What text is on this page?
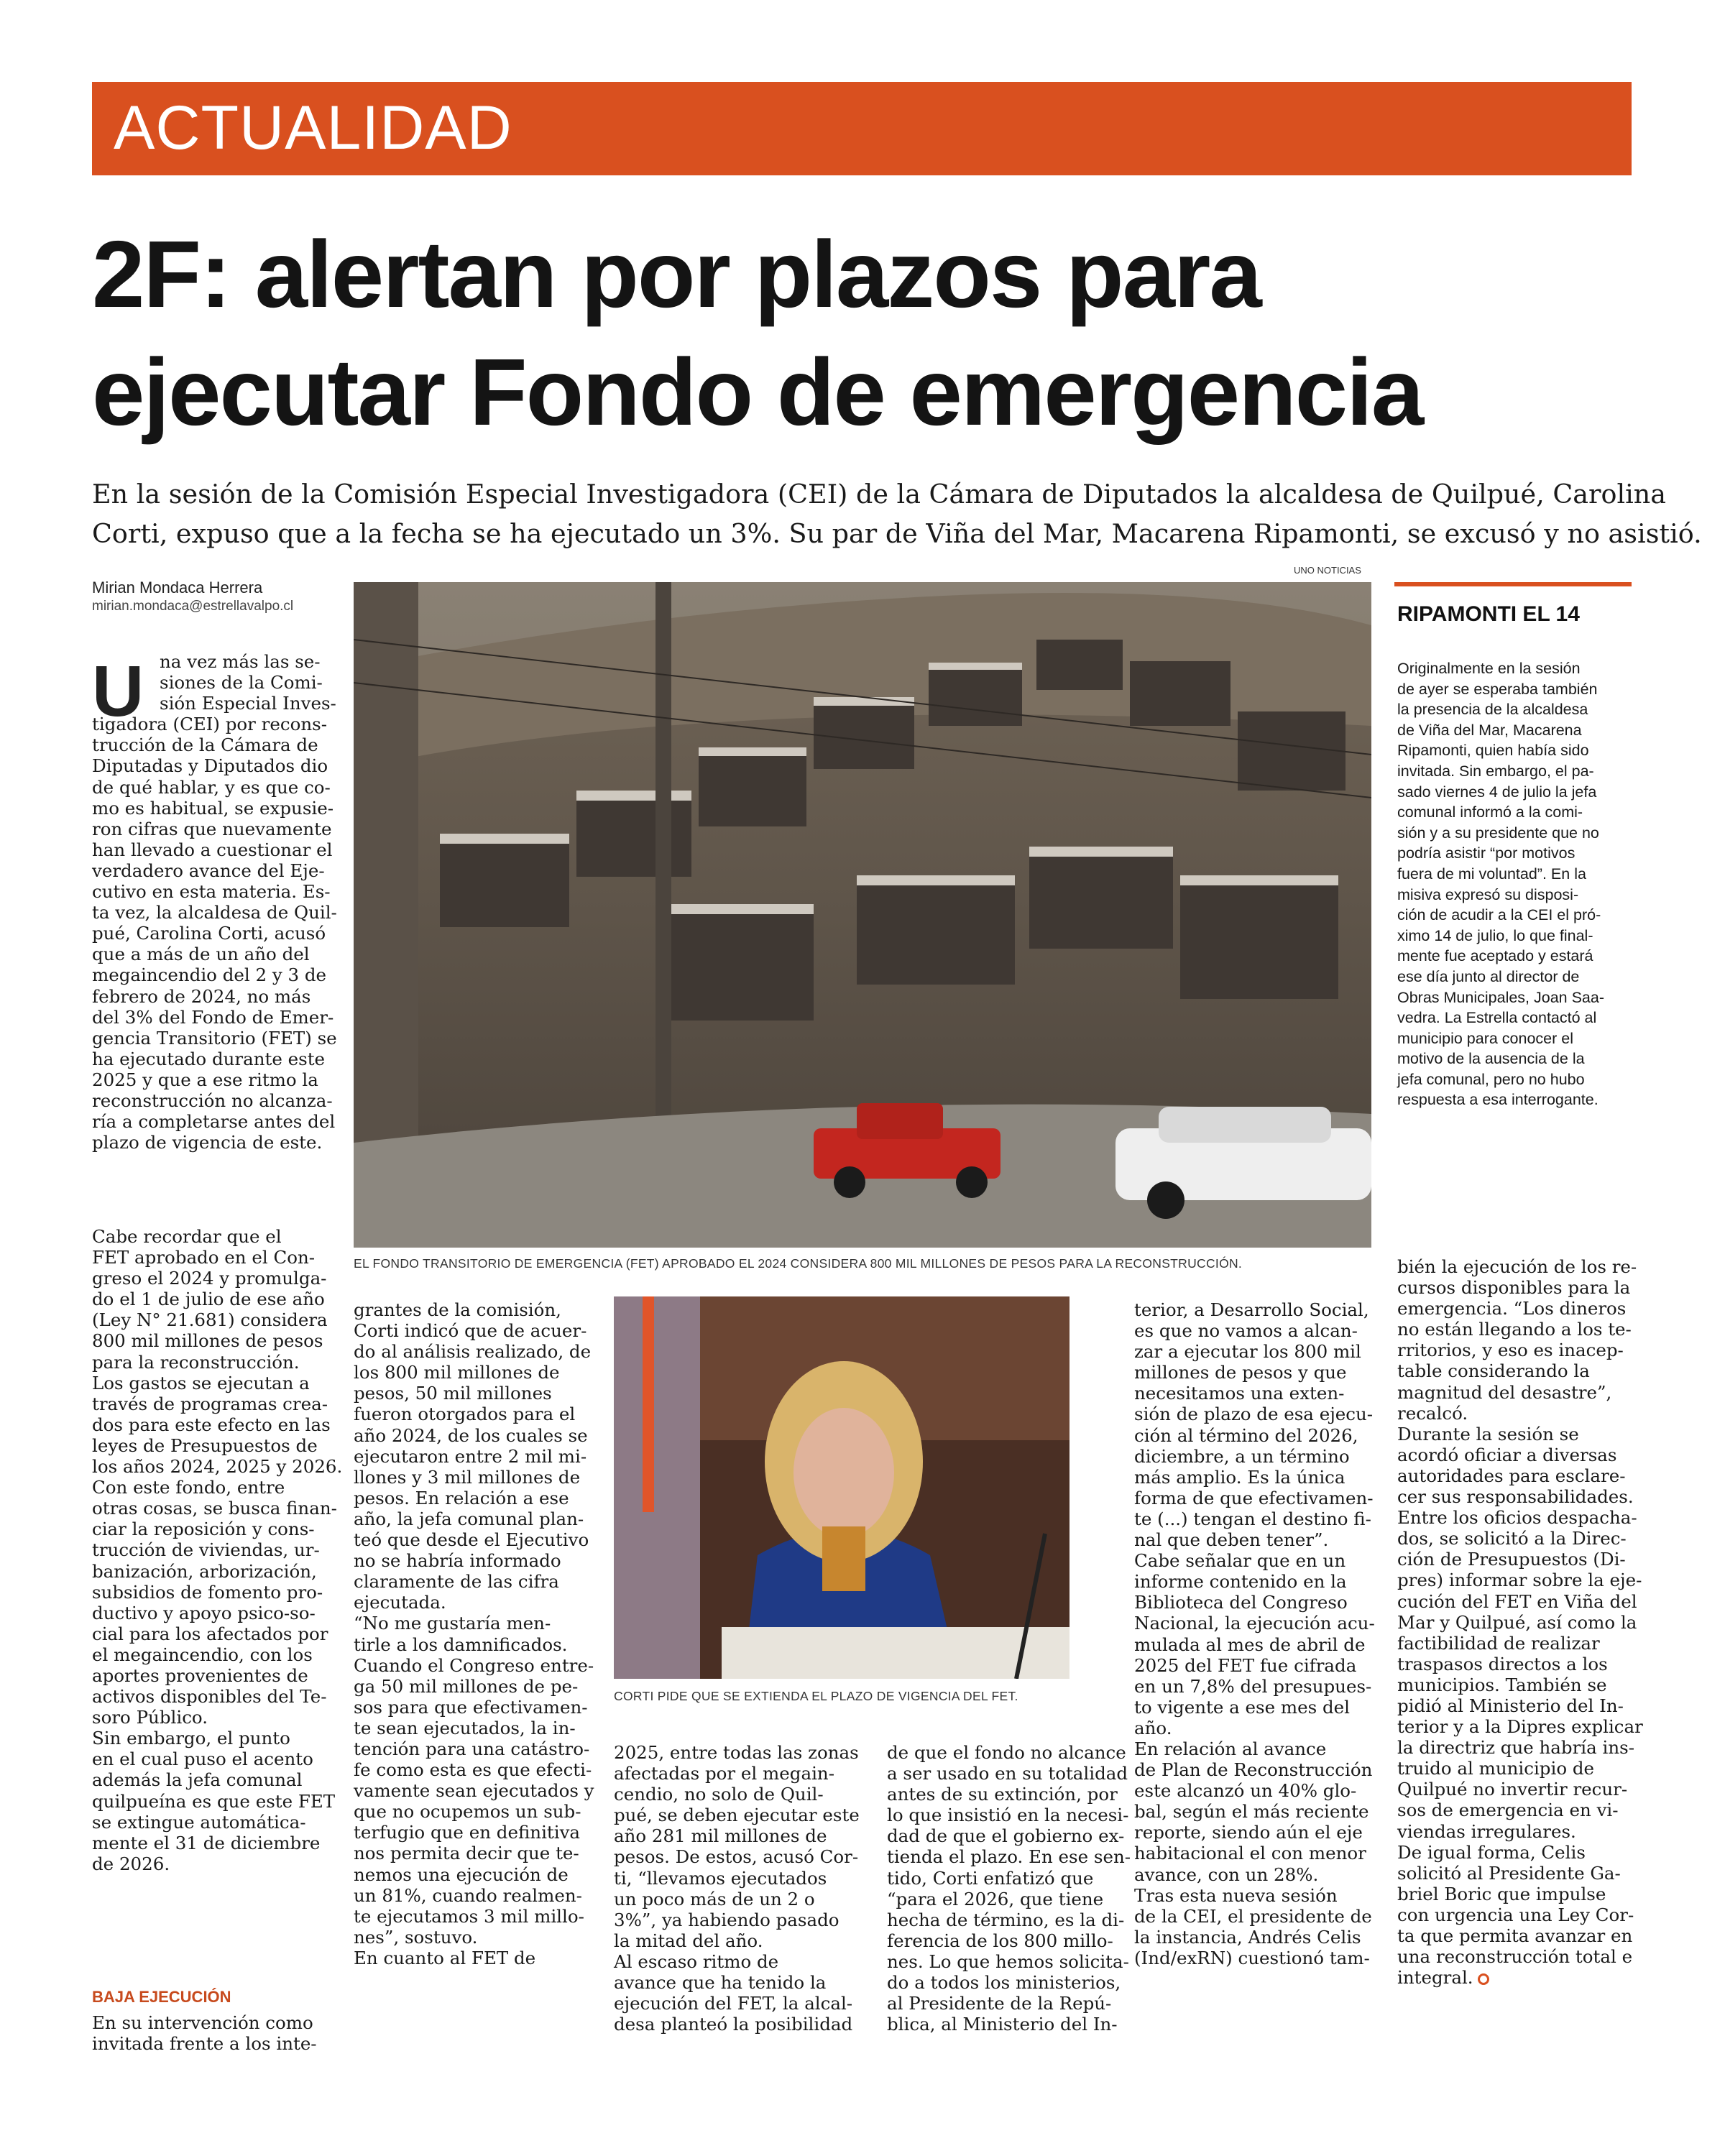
ACTUALIDAD
2F: alertan por plazos para
ejecutar Fondo de emergencia

En la sesión de la Comisión Especial Investigadora (CEI) de la Cámara de Diputados la alcaldesa de Quilpué, Carolina
Corti, expuso que a la fecha se ha ejecutado un 3%. Su par de Viña del Mar, Macarena Ripamonti, se excusó y no asistió.

Mirian Mondaca Herrera
mirian.mondaca@estrellavalpo.cl
UNO NOTICIAS
EL FONDO TRANSITORIO DE EMERGENCIA (FET) APROBADO EL 2024 CONSIDERA 800 MIL MILLONES DE PESOS PARA LA RECONSTRUCCIÓN.
CORTI PIDE QUE SE EXTIENDA EL PLAZO DE VIGENCIA DEL FET.
RIPAMONTI EL 14
Originalmente en la sesión
de ayer se esperaba también
la presencia de la alcaldesa
de Viña del Mar, Macarena
Ripamonti, quien había sido
invitada. Sin embargo, el pa-
sado viernes 4 de julio la jefa
comunal informó a la comi-
sión y a su presidente que no
podría asistir “por motivos
fuera de mi voluntad”. En la
misiva expresó su disposi-
ción de acudir a la CEI el pró-
ximo 14 de julio, lo que final-
mente fue aceptado y estará
ese día junto al director de
Obras Municipales, Joan Saa-
vedra. La Estrella contactó al
municipio para conocer el
motivo de la ausencia de la
jefa comunal, pero no hubo
respuesta a esa interrogante.
U na vez más las se-
siones de la Comi-
sión Especial Inves-
tigadora (CEI) por recons-
trucción de la Cámara de
Diputadas y Diputados dio
de qué hablar, y es que co-
mo es habitual, se expusie-
ron cifras que nuevamente
han llevado a cuestionar el
verdadero avance del Eje-
cutivo en esta materia. Es-
ta vez, la alcaldesa de Quil-
pué, Carolina Corti, acusó
que a más de un año del
megaincendio del 2 y 3 de
febrero de 2024, no más
del 3% del Fondo de Emer-
gencia Transitorio (FET) se
ha ejecutado durante este
2025 y que a ese ritmo la
reconstrucción no alcanza-
ría a completarse antes del
plazo de vigencia de este.
Cabe recordar que el
FET aprobado en el Con-
greso el 2024 y promulga-
do el 1 de julio de ese año
(Ley N° 21.681) considera
800 mil millones de pesos
para la reconstrucción.
Los gastos se ejecutan a
través de programas crea-
dos para este efecto en las
leyes de Presupuestos de
los años 2024, 2025 y 2026.
Con este fondo, entre
otras cosas, se busca finan-
ciar la reposición y cons-
trucción de viviendas, ur-
banización, arborización,
subsidios de fomento pro-
ductivo y apoyo psico-so-
cial para los afectados por
el megaincendio, con los
aportes provenientes de
activos disponibles del Te-
soro Público.
Sin embargo, el punto
en el cual puso el acento
además la jefa comunal
quilpueína es que este FET
se extingue automática-
mente el 31 de diciembre
de 2026.
BAJA EJECUCIÓN
En su intervención como
invitada frente a los inte-
grantes de la comisión,
Corti indicó que de acuer-
do al análisis realizado, de
los 800 mil millones de
pesos, 50 mil millones
fueron otorgados para el
año 2024, de los cuales se
ejecutaron entre 2 mil mi-
llones y 3 mil millones de
pesos. En relación a ese
año, la jefa comunal plan-
teó que desde el Ejecutivo
no se habría informado
claramente de las cifra
ejecutada.
“No me gustaría men-
tirle a los damnificados.
Cuando el Congreso entre-
ga 50 mil millones de pe-
sos para que efectivamen-
te sean ejecutados, la in-
tención para una catástro-
fe como esta es que efecti-
vamente sean ejecutados y
que no ocupemos un sub-
terfugio que en definitiva
nos permita decir que te-
nemos una ejecución de
un 81%, cuando realmen-
te ejecutamos 3 mil millo-
nes”, sostuvo.
En cuanto al FET de
2025, entre todas las zonas
afectadas por el megain-
cendio, no solo de Quil-
pué, se deben ejecutar este
año 281 mil millones de
pesos. De estos, acusó Cor-
ti, “llevamos ejecutados
un poco más de un 2 o
3%”, ya habiendo pasado
la mitad del año.
Al escaso ritmo de
avance que ha tenido la
ejecución del FET, la alcal-
desa planteó la posibilidad
de que el fondo no alcance
a ser usado en su totalidad
antes de su extinción, por
lo que insistió en la necesi-
dad de que el gobierno ex-
tienda el plazo. En ese sen-
tido, Corti enfatizó que
“para el 2026, que tiene
hecha de término, es la di-
ferencia de los 800 millo-
nes. Lo que hemos solicita-
do a todos los ministerios,
al Presidente de la Repú-
blica, al Ministerio del In-
terior, a Desarrollo Social,
es que no vamos a alcan-
zar a ejecutar los 800 mil
millones de pesos y que
necesitamos una exten-
sión de plazo de esa ejecu-
ción al término del 2026,
diciembre, a un término
más amplio. Es la única
forma de que efectivamen-
te (...) tengan el destino fi-
nal que deben tener”.
Cabe señalar que en un
informe contenido en la
Biblioteca del Congreso
Nacional, la ejecución acu-
mulada al mes de abril de
2025 del FET fue cifrada
en un 7,8% del presupues-
to vigente a ese mes del
año.
En relación al avance
de Plan de Reconstrucción
este alcanzó un 40% glo-
bal, según el más reciente
reporte, siendo aún el eje
habitacional el con menor
avance, con un 28%.
Tras esta nueva sesión
de la CEI, el presidente de
la instancia, Andrés Celis
(Ind/exRN) cuestionó tam-
bién la ejecución de los re-
cursos disponibles para la
emergencia. “Los dineros
no están llegando a los te-
rritorios, y eso es inacep-
table considerando la
magnitud del desastre”,
recalcó.
Durante la sesión se
acordó oficiar a diversas
autoridades para esclare-
cer sus responsabilidades.
Entre los oficios despacha-
dos, se solicitó a la Direc-
ción de Presupuestos (Di-
pres) informar sobre la eje-
cución del FET en Viña del
Mar y Quilpué, así como la
factibilidad de realizar
traspasos directos a los
municipios. También se
pidió al Ministerio del In-
terior y a la Dipres explicar
la directriz que habría ins-
truido al municipio de
Quilpué no invertir recur-
sos de emergencia en vi-
viendas irregulares.
De igual forma, Celis
solicitó al Presidente Ga-
briel Boric que impulse
con urgencia una Ley Cor-
ta que permita avanzar en
una reconstrucción total e
integral.
